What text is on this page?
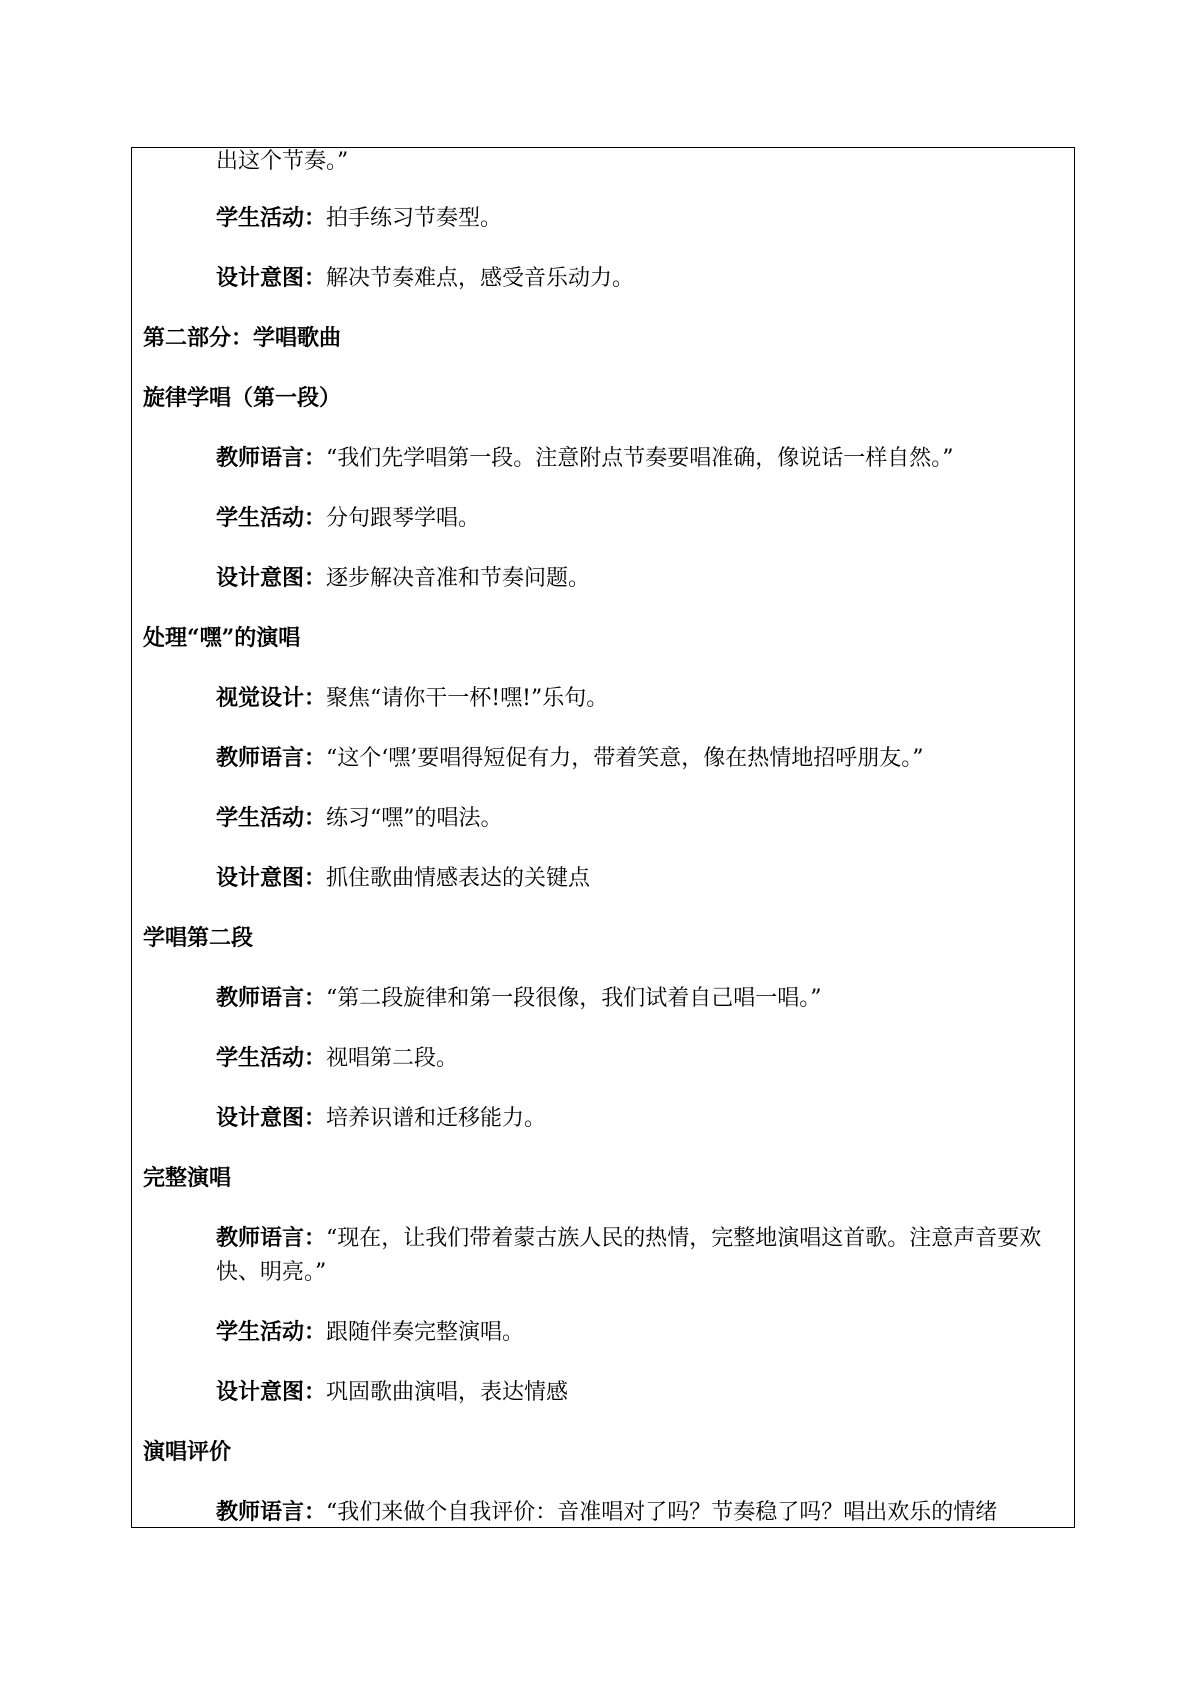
出这个节奏。”
学生活动：拍手练习节奏型。
设计意图：解决节奏难点，感受音乐动力。
第二部分：学唱歌曲
旋律学唱（第一段）
教师语言：“我们先学唱第一段。注意附点节奏要唱准确，像说话一样自然。”
学生活动：分句跟琴学唱。
设计意图：逐步解决音准和节奏问题。
处理“嘿”的演唱
视觉设计：聚焦“请你干一杯!嘿!”乐句。
教师语言：“这个‘嘿’要唱得短促有力，带着笑意，像在热情地招呼朋友。”
学生活动：练习“嘿”的唱法。
设计意图：抓住歌曲情感表达的关键点
学唱第二段
教师语言：“第二段旋律和第一段很像，我们试着自己唱一唱。”
学生活动：视唱第二段。
设计意图：培养识谱和迁移能力。
完整演唱
教师语言：“现在，让我们带着蒙古族人民的热情，完整地演唱这首歌。注意声音要欢快、明亮。”
学生活动：跟随伴奏完整演唱。
设计意图：巩固歌曲演唱，表达情感
演唱评价
教师语言：“我们来做个自我评价：音准唱对了吗？节奏稳了吗？唱出欢乐的情绪
